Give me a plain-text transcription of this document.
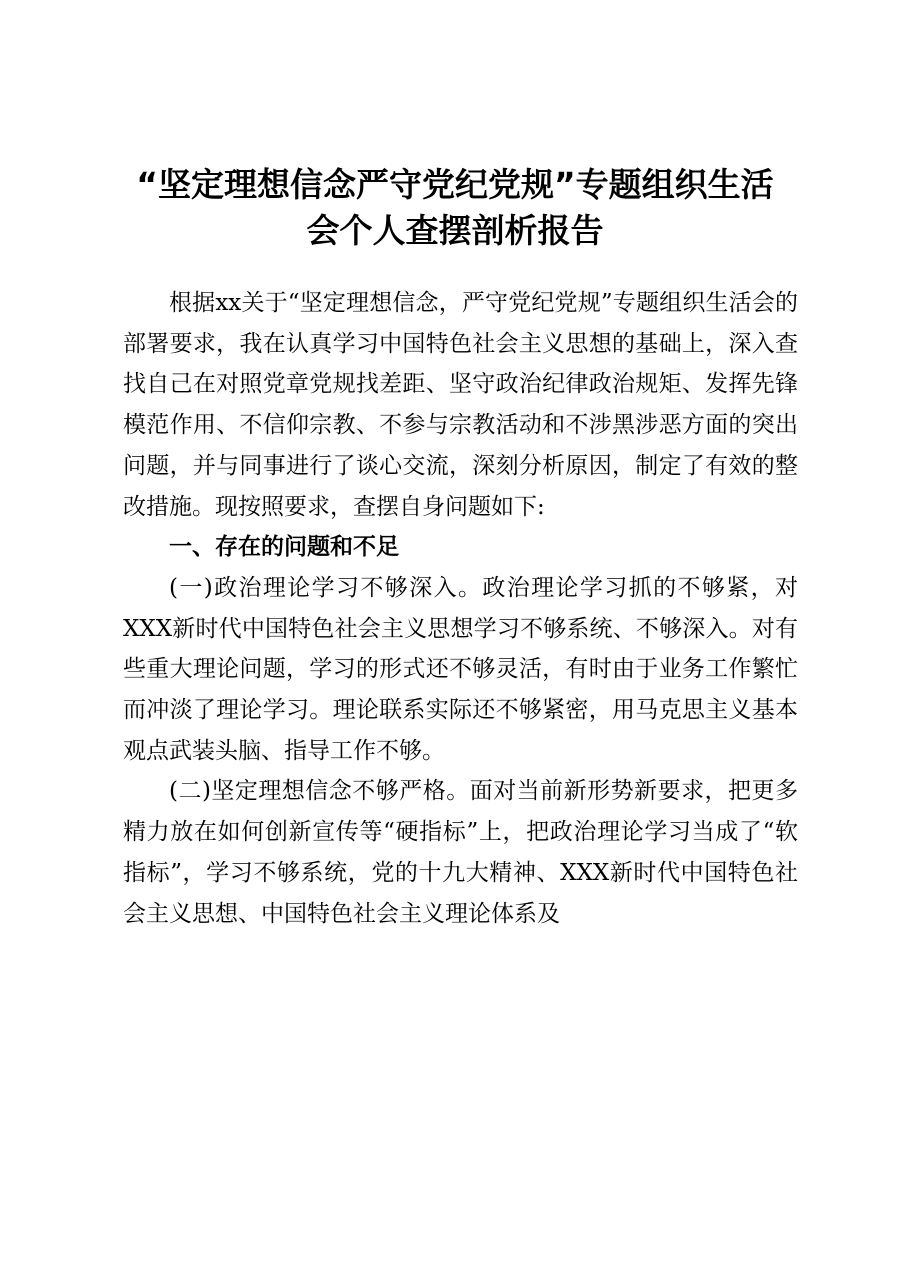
“坚定理想信念严守党纪党规”专题组织生活
会个人查摆剖析报告

根据xx关于“坚定理想信念，严守党纪党规”专题组织生活会的部署要求，我在认真学习中国特色社会主义思想的基础上，深入查找自己在对照党章党规找差距、坚守政治纪律政治规矩、发挥先锋模范作用、不信仰宗教、不参与宗教活动和不涉黑涉恶方面的突出问题，并与同事进行了谈心交流，深刻分析原因，制定了有效的整改措施。现按照要求，查摆自身问题如下:

一、存在的问题和不足

(一)政治理论学习不够深入。政治理论学习抓的不够紧，对XXX新时代中国特色社会主义思想学习不够系统、不够深入。对有些重大理论问题，学习的形式还不够灵活，有时由于业务工作繁忙而冲淡了理论学习。理论联系实际还不够紧密，用马克思主义基本观点武装头脑、指导工作不够。

(二)坚定理想信念不够严格。面对当前新形势新要求，把更多精力放在如何创新宣传等“硬指标”上，把政治理论学习当成了“软指标”，学习不够系统，党的十九大精神、XXX新时代中国特色社会主义思想、中国特色社会主义理论体系及
